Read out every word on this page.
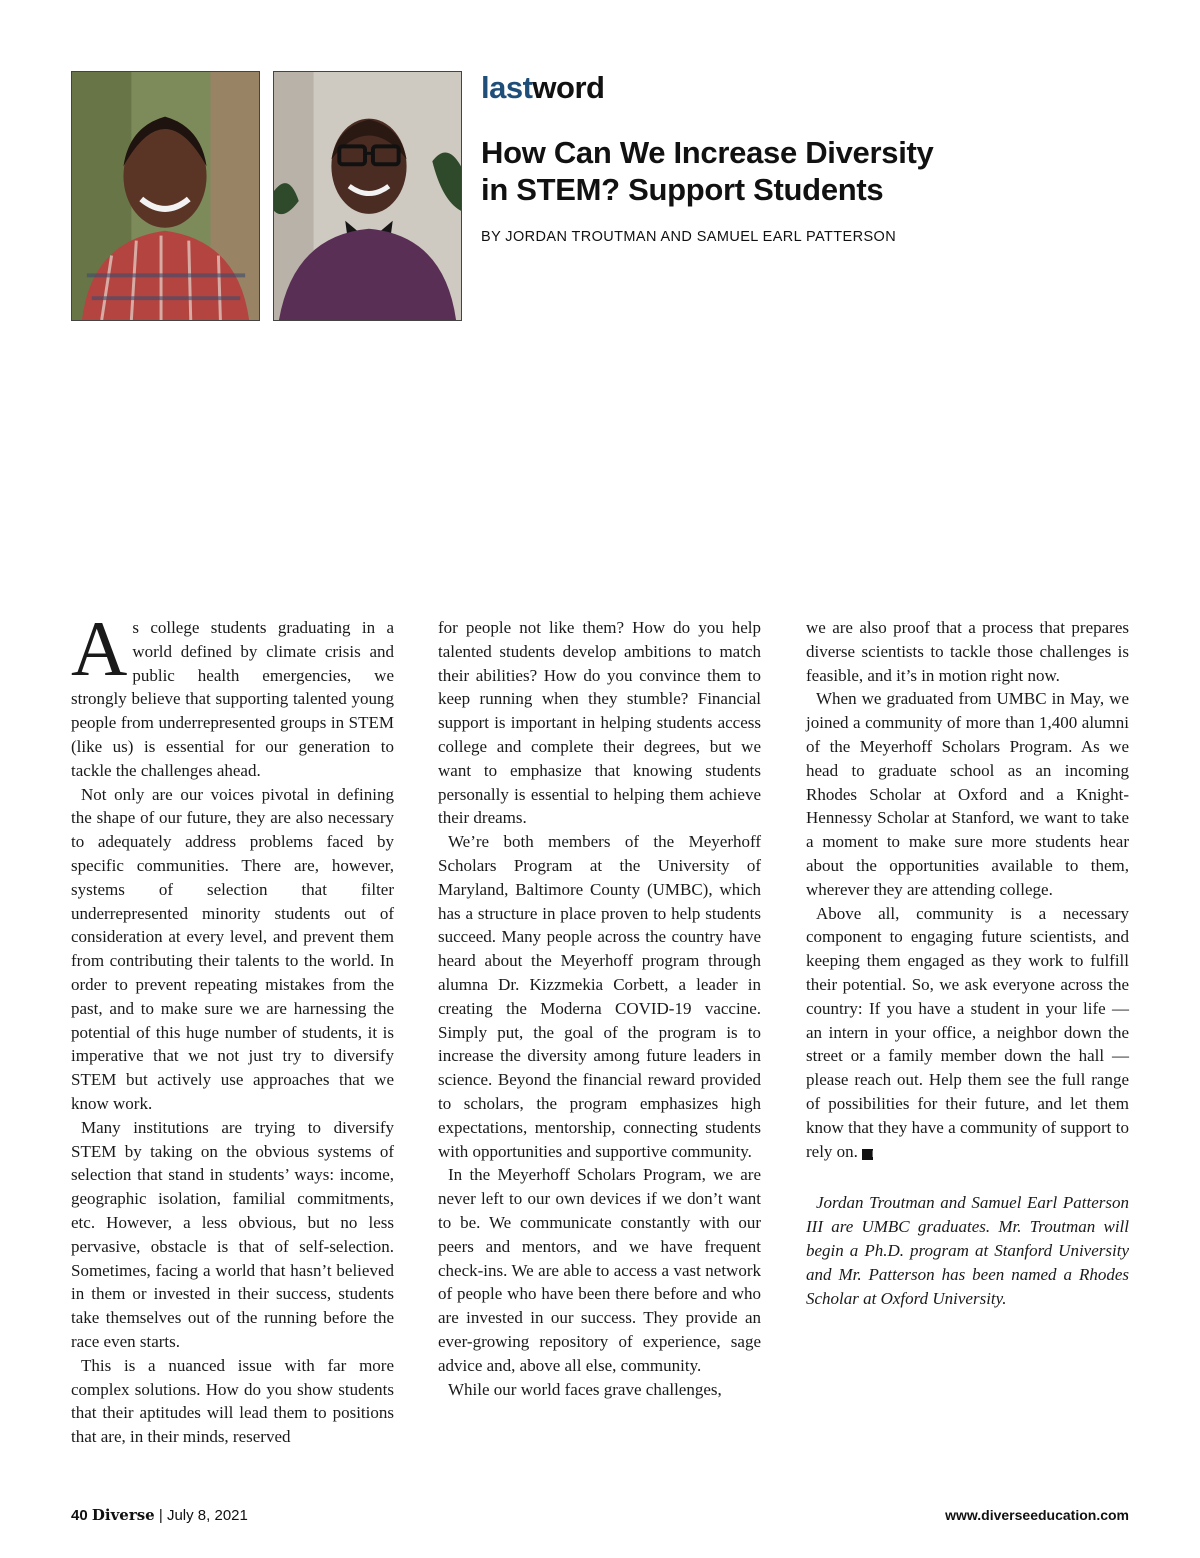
lastword
How Can We Increase Diversity
in STEM? Support Students
BY JORDAN TROUTMAN AND SAMUEL EARL PATTERSON

As college students graduating in a world defined by climate crisis and public health emergencies, we strongly believe that supporting talented young people from underrepresented groups in STEM (like us) is essential for our generation to tackle the challenges ahead.

Not only are our voices pivotal in defining the shape of our future, they are also necessary to adequately address problems faced by specific communities. There are, however, systems of selection that filter underrepresented minority students out of consideration at every level, and prevent them from contributing their talents to the world. In order to prevent repeating mistakes from the past, and to make sure we are harnessing the potential of this huge number of students, it is imperative that we not just try to diversify STEM but actively use approaches that we know work.

Many institutions are trying to diversify STEM by taking on the obvious systems of selection that stand in students’ ways: income, geographic isolation, familial commitments, etc. However, a less obvious, but no less pervasive, obstacle is that of self-selection. Sometimes, facing a world that hasn’t believed in them or invested in their success, students take themselves out of the running before the race even starts.

This is a nuanced issue with far more complex solutions. How do you show students that their aptitudes will lead them to positions that are, in their minds, reserved

for people not like them? How do you help talented students develop ambitions to match their abilities? How do you convince them to keep running when they stumble? Financial support is important in helping students access college and complete their degrees, but we want to emphasize that knowing students personally is essential to helping them achieve their dreams.

We’re both members of the Meyerhoff Scholars Program at the University of Maryland, Baltimore County (UMBC), which has a structure in place proven to help students succeed. Many people across the country have heard about the Meyerhoff program through alumna Dr. Kizzmekia Corbett, a leader in creating the Moderna COVID-19 vaccine. Simply put, the goal of the program is to increase the diversity among future leaders in science. Beyond the financial reward provided to scholars, the program emphasizes high expectations, mentorship, connecting students with opportunities and supportive community.

In the Meyerhoff Scholars Program, we are never left to our own devices if we don’t want to be. We communicate constantly with our peers and mentors, and we have frequent check-ins. We are able to access a vast network of people who have been there before and who are invested in our success. They provide an ever-growing repository of experience, sage advice and, above all else, community.

While our world faces grave challenges,

we are also proof that a process that prepares diverse scientists to tackle those challenges is feasible, and it’s in motion right now.

When we graduated from UMBC in May, we joined a community of more than 1,400 alumni of the Meyerhoff Scholars Program. As we head to graduate school as an incoming Rhodes Scholar at Oxford and a Knight-Hennessy Scholar at Stanford, we want to take a moment to make sure more students hear about the opportunities available to them, wherever they are attending college.

Above all, community is a necessary component to engaging future scientists, and keeping them engaged as they work to fulfill their potential. So, we ask everyone across the country: If you have a student in your life — an intern in your office, a neighbor down the street or a family member down the hall — please reach out. Help them see the full range of possibilities for their future, and let them know that they have a community of support to rely on. D

Jordan Troutman and Samuel Earl Patterson III are UMBC graduates. Mr. Troutman will begin a Ph.D. program at Stanford University and Mr. Patterson has been named a Rhodes Scholar at Oxford University.

40 Diverse | July 8, 2021	www.diverseeducation.com
